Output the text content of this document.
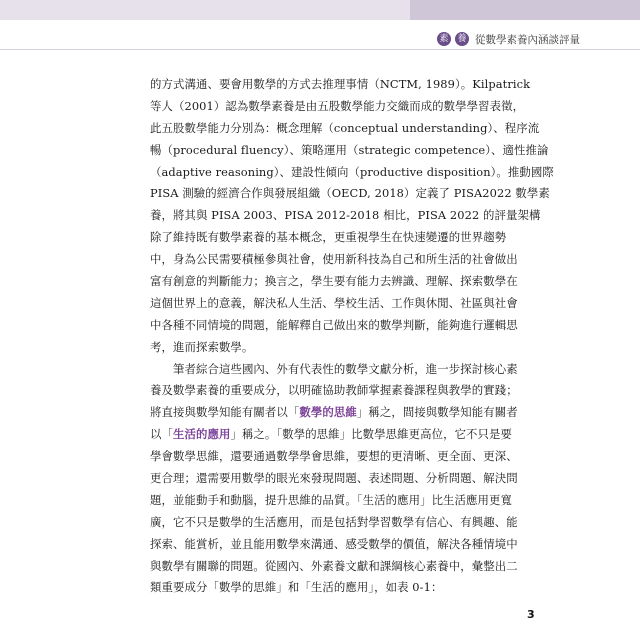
素 養 從數學素養內涵談評量
的方式溝通、要會用數學的方式去推理事情（NCTM, 1989）。Kilpatrick
等人（2001）認為數學素養是由五股數學能力交織而成的數學學習表徵，
此五股數學能力分別為：概念理解（conceptual understanding）、程序流
暢（procedural fluency）、策略運用（strategic competence）、適性推論
（adaptive reasoning）、建設性傾向（productive disposition）。推動國際
PISA 測驗的經濟合作與發展組織（OECD, 2018）定義了 PISA2022 數學素
養，將其與 PISA 2003、PISA 2012-2018 相比，PISA 2022 的評量架構
除了維持既有數學素養的基本概念，更重視學生在快速變遷的世界趨勢
中，身為公民需要積極參與社會，使用新科技為自己和所生活的社會做出
富有創意的判斷能力；換言之，學生要有能力去辨識、理解、探索數學在
這個世界上的意義，解決私人生活、學校生活、工作與休閒、社區與社會
中各種不同情境的問題，能解釋自己做出來的數學判斷，能夠進行邏輯思
考，進而探索數學。
筆者綜合這些國內、外有代表性的數學文獻分析，進一步探討核心素
養及數學素養的重要成分，以明確協助教師掌握素養課程與教學的實踐；
將直接與數學知能有關者以「數學的思維」稱之，間接與數學知能有關者
以「生活的應用」稱之。「數學的思維」比數學思維更高位，它不只是要
學會數學思維，還要通過數學學會思維，要想的更清晰、更全面、更深、
更合理；還需要用數學的眼光來發現問題、表述問題、分析問題、解決問
題，並能動手和動腦，提升思維的品質。「生活的應用」比生活應用更寬
廣，它不只是數學的生活應用，而是包括對學習數學有信心、有興趣、能
探索、能賞析，並且能用數學來溝通、感受數學的價值，解決各種情境中
與數學有關聯的問題。從國內、外素養文獻和課綱核心素養中，彙整出二
類重要成分「數學的思維」和「生活的應用」，如表 0-1：
3
